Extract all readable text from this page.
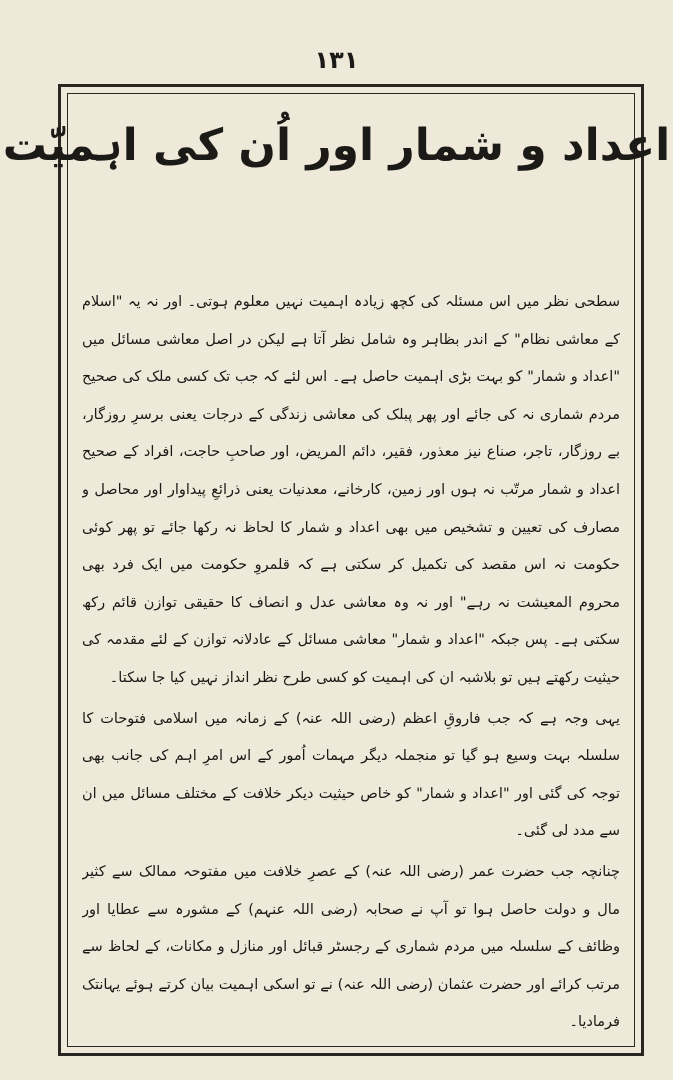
۱۳۱
اعداد و شمار اور اُن کی اہمیّت

سطحی نظر میں اس مسئلہ کی کچھ زیادہ اہمیت نہیں معلوم ہوتی۔ اور نہ یہ "اسلام کے معاشی نظام" کے اندر بظاہر وہ شامل نظر آتا ہے لیکن در اصل معاشی مسائل میں "اعداد و شمار" کو بہت بڑی اہمیت حاصل ہے۔ اس لئے کہ جب تک کسی ملک کی صحیح مردم شماری نہ کی جائے اور پھر پبلک کی معاشی زندگی کے درجات یعنی برسرِ روزگار، بے روزگار، تاجر، صناع نیز معذور، فقیر، دائم المریض، اور صاحبِ حاجت، افراد کے صحیح اعداد و شمار مرتّب نہ ہوں اور زمین، کارخانے، معدنیات یعنی ذرائعِ پیداوار اور محاصل و مصارف کی تعیین و تشخیص میں بھی اعداد و شمار کا لحاظ نہ رکھا جائے تو پھر کوئی حکومت نہ اس مقصد کی تکمیل کر سکتی ہے کہ قلمروِ حکومت میں ایک فرد بھی محروم المعیشت نہ رہے" اور نہ وہ معاشی عدل و انصاف کا حقیقی توازن قائم رکھ سکتی ہے۔ پس جبکہ "اعداد و شمار" معاشی مسائل کے عادلانہ توازن کے لئے مقدمہ کی حیثیت رکھتے ہیں تو بلاشبہ ان کی اہمیت کو کسی طرح نظر انداز نہیں کیا جا سکتا۔

یہی وجہ ہے کہ جب فاروقِ اعظم (رضی اللہ عنہ) کے زمانہ میں اسلامی فتوحات کا سلسلہ بہت وسیع ہو گیا تو منجملہ دیگر مہمات اُمور کے اس امرِ اہم کی جانب بھی توجہ کی گئی اور "اعداد و شمار" کو خاص حیثیت دیکر خلافت کے مختلف مسائل میں ان سے مدد لی گئی۔

چنانچہ جب حضرت عمر (رضی اللہ عنہ) کے عصرِ خلافت میں مفتوحہ ممالک سے کثیر مال و دولت حاصل ہوا تو آپ نے صحابہ (رضی اللہ عنہم) کے مشورہ سے عطایا اور وظائف کے سلسلہ میں مردم شماری کے رجسٹر قبائل اور منازل و مکانات، کے لحاظ سے مرتب کرائے اور حضرت عثمان (رضی اللہ عنہ) نے تو اسکی اہمیت بیان کرتے ہوئے یہانتک فرمادیا۔
